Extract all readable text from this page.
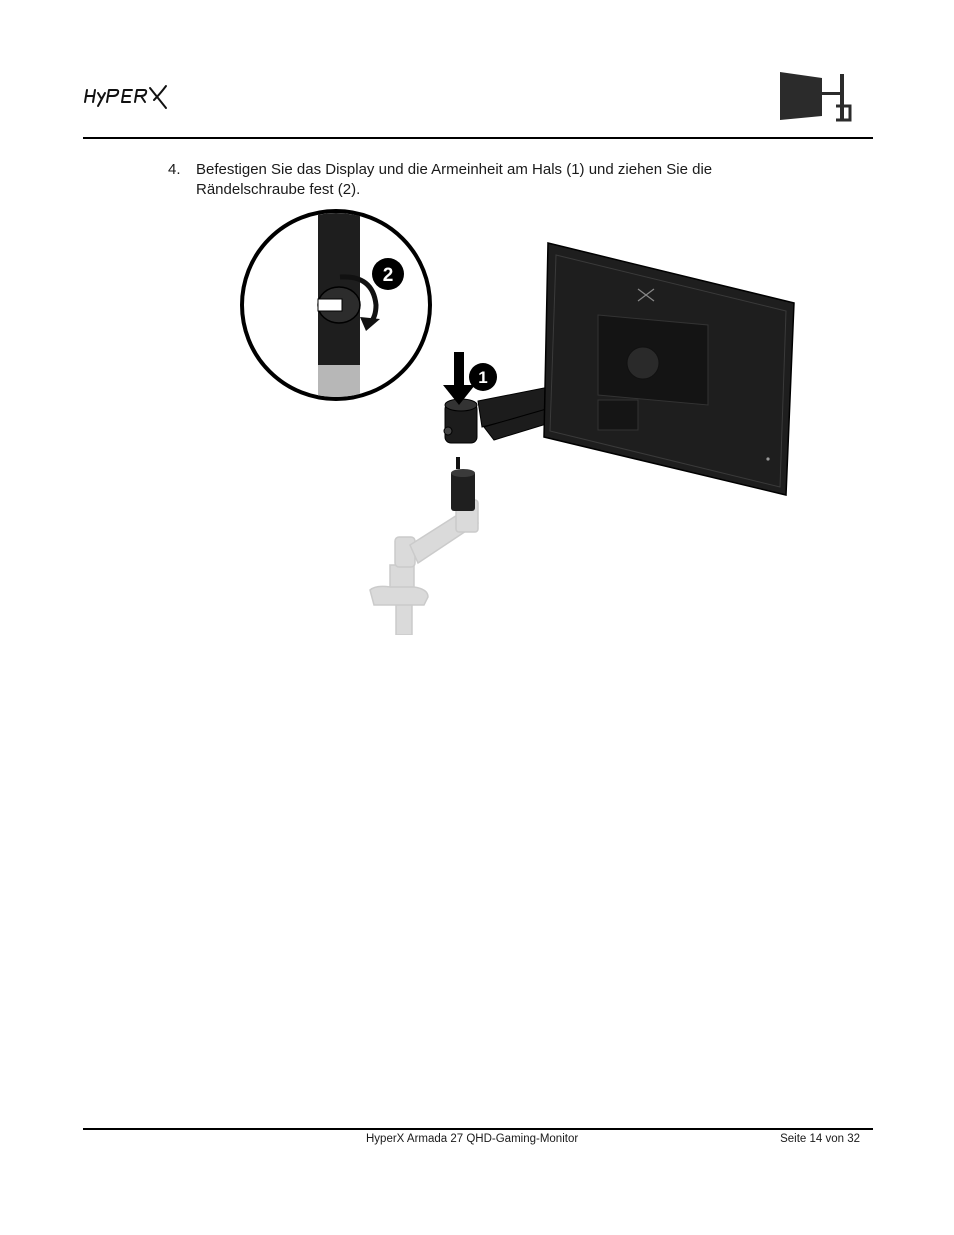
4. Befestigen Sie das Display und die Armeinheit am Hals (1) und ziehen Sie die
Rändelschraube fest (2).
1
2
HyperX Armada 27 QHD-Gaming-Monitor	Seite 14 von 32
